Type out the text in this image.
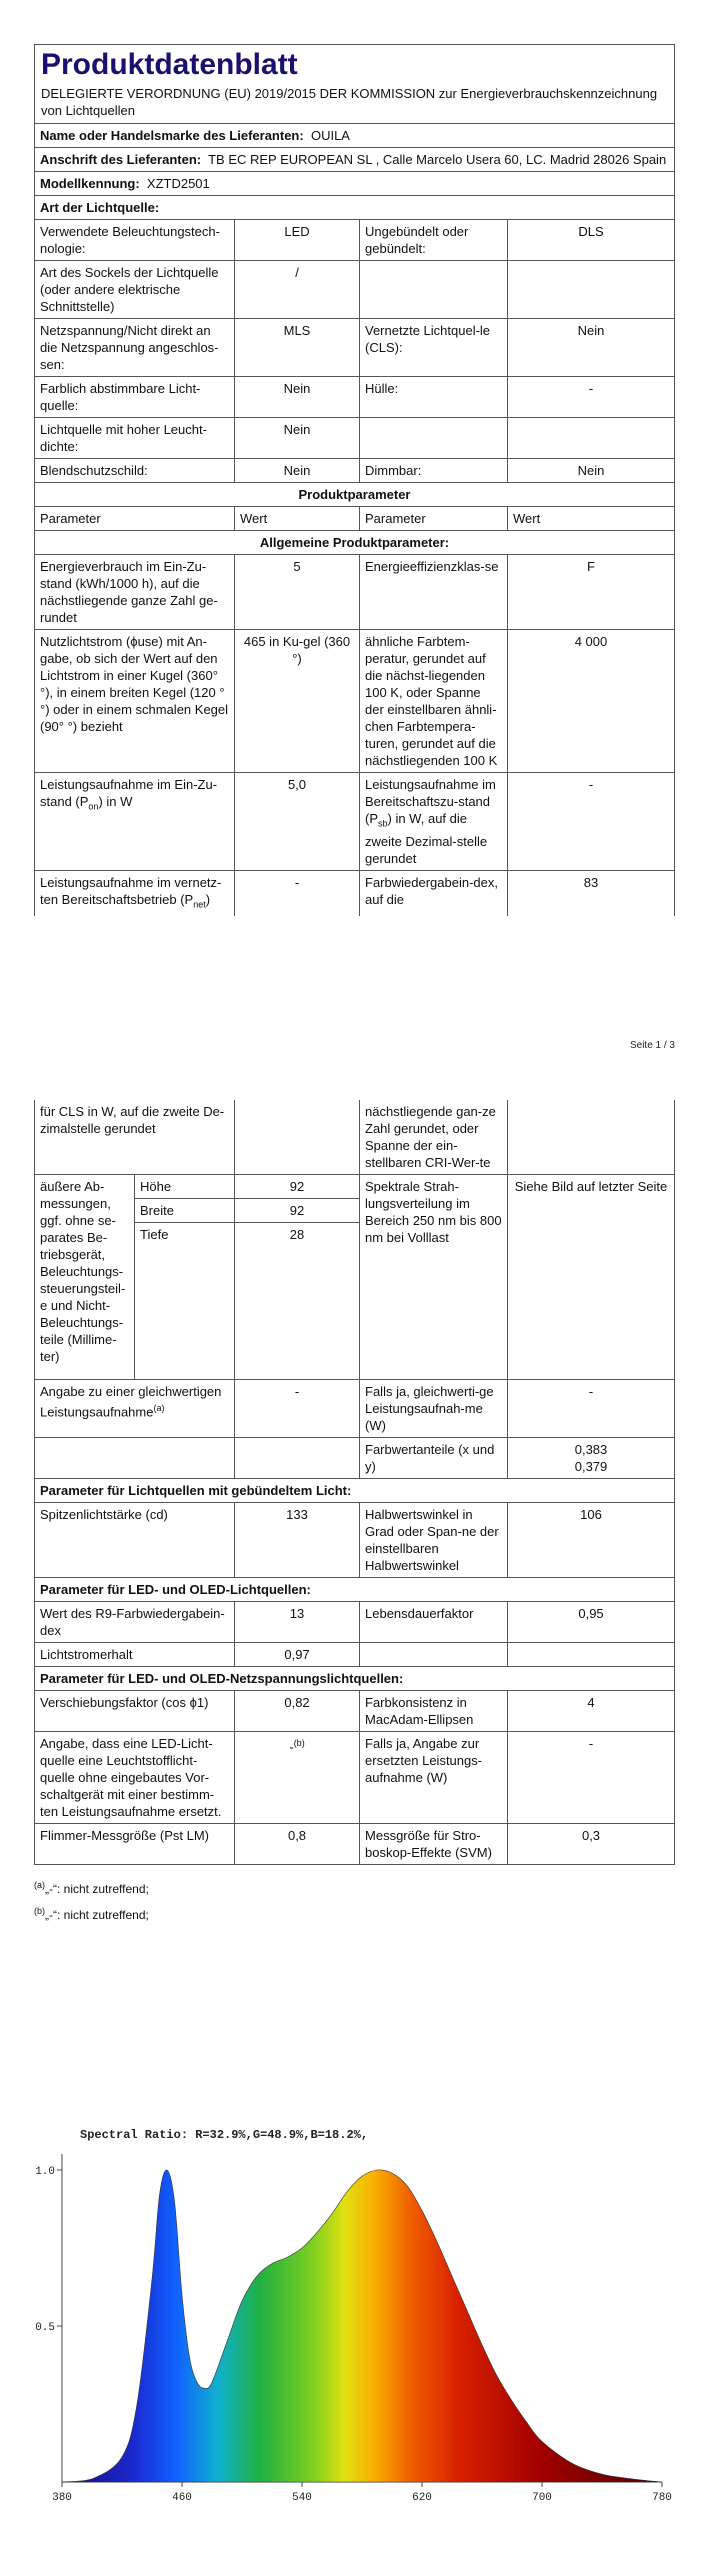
Produktdatenblatt
DELEGIERTE VERORDNUNG (EU) 2019/2015 DER KOMMISSION zur Energieverbrauchskennzeichnung von Lichtquellen			

Name oder Handelsmarke des Lieferanten: OUILA			
Anschrift des Lieferanten: TB EC REP EUROPEAN SL , Calle Marcelo Usera 60, LC. Madrid 28026 Spain			
Modellkennung: XZTD2501			
Art der Lichtquelle:			
Verwendete Beleuchtungstech-nologie:	LED	Ungebündelt oder gebündelt:	DLS
Art des Sockels der Lichtquelle (oder andere elektrische Schnittstelle)	/		
Netzspannung/Nicht direkt an die Netzspannung angeschlos-sen:	MLS	Vernetzte Lichtquel-le (CLS):	Nein
Farblich abstimmbare Licht-quelle:	Nein	Hülle:	-
Lichtquelle mit hoher Leucht-dichte:	Nein		
Blendschutzschild:	Nein	Dimmbar:	Nein
Produktparameter			
Parameter	Wert	Parameter	Wert
Allgemeine Produktparameter:			
Energieverbrauch im Ein-Zu-stand (kWh/1000 h), auf die nächstliegende ganze Zahl ge-rundet	5	Energieeffizienzklas-se	F
Nutzlichtstrom (ϕuse) mit An-gabe, ob sich der Wert auf den Lichtstrom in einer Kugel (360° °), in einem breiten Kegel (120 °°) oder in einem schmalen Kegel (90° °) bezieht	465 in Ku-gel (360 °)	ähnliche Farbtem-peratur, gerundet auf die nächst-liegenden 100 K, oder Spanne der einstellbaren ähnli-chen Farbtempera-turen, gerundet auf die nächstliegenden 100 K	4 000
Leistungsaufnahme im Ein-Zu-stand $(P_{on})$ in W	5,0	Leistungsaufnahme im Bereitschaftszu-stand $(P_{sb})$ in W, auf die zweite Dezimal-stelle gerundet	-
Leistungsaufnahme im vernetz-ten Bereitschaftsbetrieb $(P_{net})$	-	Farbwiedergabein-dex, auf die	83
Seite 1 / 3
für CLS in W, auf die zweite De-zimalstelle gerundet			nächstliegende gan-ze Zahl gerundet, oder Spanne der ein-stellbaren CRI-Wer-te	
äußere Ab-messungen, ggf. ohne se-parates Be-triebsgerät, Beleuchtungs-steuerungsteil-e und Nicht-Beleuchtungs-teile (Millime-ter)	Höhe	92	Spektrale Strah-lungsverteilung im Bereich 250 nm bis 800 nm bei Volllast	Siehe Bild auf letzter Seite
	Breite	92		
	Tiefe	28		
Angabe zu einer gleichwertigen Leistungsaufnahme$^{(a)}$		-	Falls ja, gleichwerti-ge Leistungsaufnah-me (W)	-
			Farbwertanteile (x und y)	0,383
0,379

Parameter für Lichtquellen mit gebündeltem Licht:				
Spitzenlichtstärke (cd)		133	Halbwertswinkel in Grad oder Span-ne der einstellbaren Halbwertswinkel	106
Parameter für LED- und OLED-Lichtquellen:				
Wert des R9-Farbwiedergabein-dex		13	Lebensdauerfaktor	0,95
Lichtstromerhalt		0,97		
Parameter für LED- und OLED-Netzspannungslichtquellen:				
Verschiebungsfaktor (cos ϕ1)		0,82	Farbkonsistenz in MacAdam-Ellipsen	4
Angabe, dass eine LED-Licht-quelle eine Leuchtstofflicht-quelle ohne eingebautes Vor-schaltgerät mit einer bestimm-ten Leistungsaufnahme ersetzt.		-$^{(b)}$	Falls ja, Angabe zur ersetzten Leistungs-aufnahme (W)	-
Flimmer-Messgröße (Pst LM)		0,8	Messgröße für Stro-boskop-Effekte (SVM)	0,3
$^{(a)}$„-“: nicht zutreffend;
$^{(b)}$„-“: nicht zutreffend;
Spectral Ratio: R=32.9%,G=48.9%,B=18.2%,
380	460	540	620	700	780
0.5
1.0
